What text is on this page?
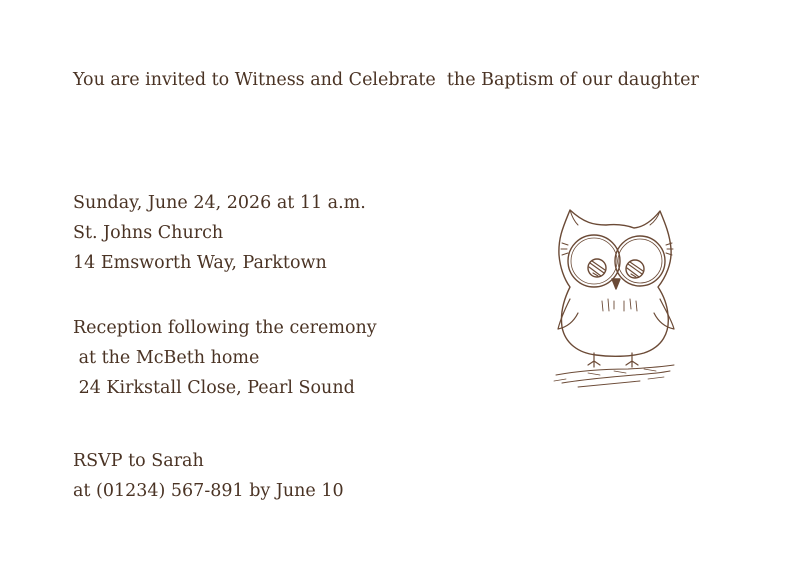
You are invited to Witness and Celebrate  the Baptism of our daughter
Sunday, June 24, 2026 at 11 a.m.
St. Johns Church
14 Emsworth Way, Parktown
Reception following the ceremony
at the McBeth home
24 Kirkstall Close, Pearl Sound
RSVP to Sarah
at (01234) 567-891 by June 10
